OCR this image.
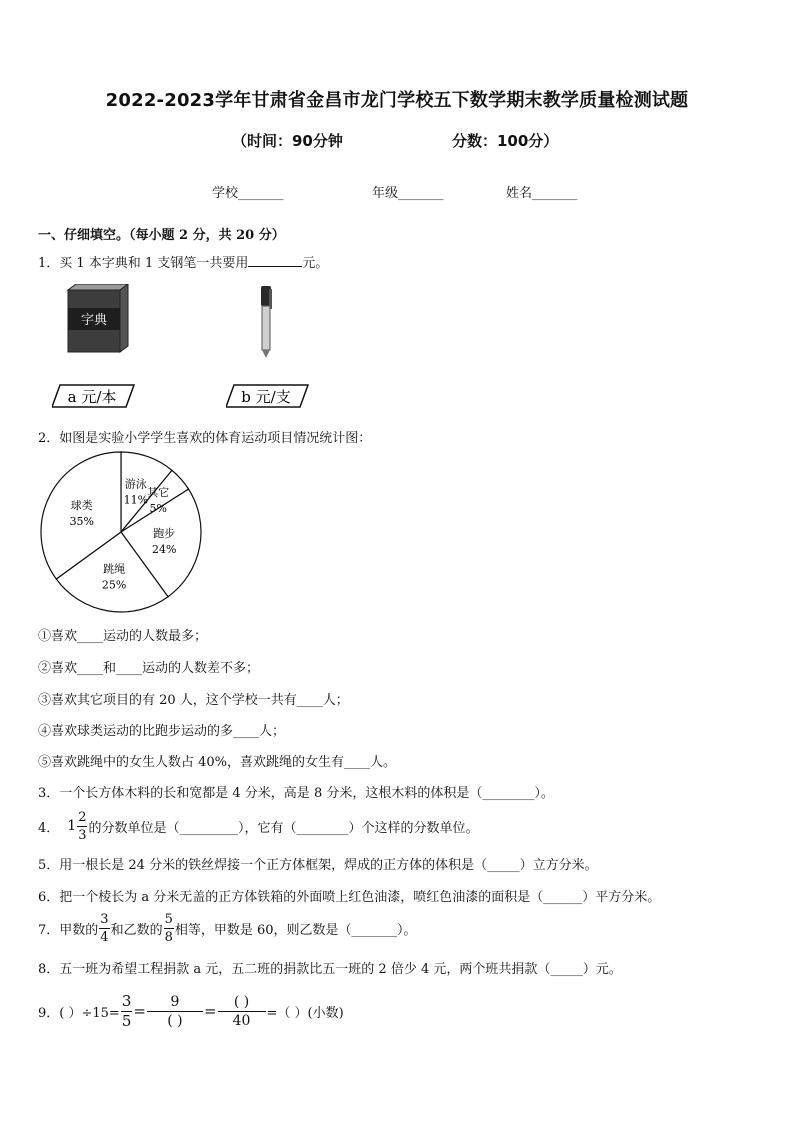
2022-2023学年甘肃省金昌市龙门学校五下数学期末教学质量检测试题
（时间：90分钟	分数：100分）
学校_______	年级_______	姓名_______
一、仔细填空。（每小题 2 分，共 20 分）
1．买 1 本字典和 1 支钢笔一共要用	元。
字典
a 元/本	b 元/支
2．如图是实验小学学生喜欢的体育运动项目情况统计图：
游泳
11%
其它
5%
跑步
24%
跳绳
25%
球类
35%
①喜欢____运动的人数最多；
②喜欢____和____运动的人数差不多；
③喜欢其它项目的有 20 人，这个学校一共有____人；
④喜欢球类运动的比跑步运动的多____人；
⑤喜欢跳绳中的女生人数占 40%，喜欢跳绳的女生有____人。
3．一个长方体木料的长和宽都是 4 分米，高是 8 分米，这根木料的体积是（________）。
4． $1 \frac{2}{3}$ 的分数单位是（_________），它有（________）个这样的分数单位。
5．用一根长是 24 分米的铁丝焊接一个正方体框架，焊成的正方体的体积是（_____）立方分米。
6．把一个棱长为 a 分米无盖的正方体铁箱的外面喷上红色油漆，喷红色油漆的面积是（______）平方分米。
7．甲数的 $\frac{3}{4}$ 和乙数的 $\frac{5}{8}$ 相等，甲数是 60，则乙数是（_______）。
8．五一班为希望工程捐款 a 元，五二班的捐款比五一班的 2 倍少 4 元，两个班共捐款（_____）元。
9．( ）$\div 15= \frac{3}{5} = \frac{9}{( )} = \frac{( )}{40}$ =（ ）(小数)
